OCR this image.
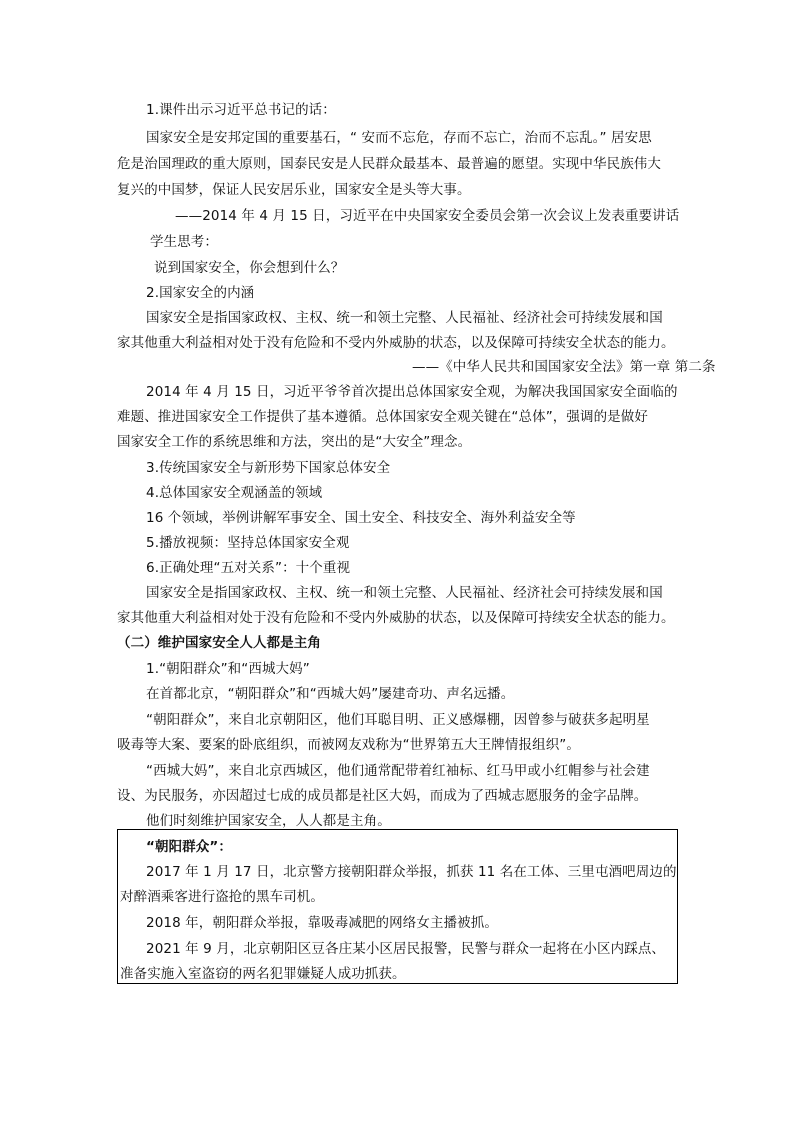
1.课件出示习近平总书记的话：
国家安全是安邦定国的重要基石，“ 安而不忘危，存而不忘亡，治而不忘乱。” 居安思
危是治国理政的重大原则，国泰民安是人民群众最基本、最普遍的愿望。实现中华民族伟大
复兴的中国梦，保证人民安居乐业，国家安全是头等大事。
——2014 年 4 月 15 日，习近平在中央国家安全委员会第一次会议上发表重要讲话
学生思考：
说到国家安全，你会想到什么？
2.国家安全的内涵
国家安全是指国家政权、主权、统一和领土完整、人民福祉、经济社会可持续发展和国
家其他重大利益相对处于没有危险和不受内外威胁的状态，以及保障可持续安全状态的能力。
——《中华人民共和国国家安全法》第一章 第二条
2014 年 4 月 15 日，习近平爷爷首次提出总体国家安全观，为解决我国国家安全面临的
难题、推进国家安全工作提供了基本遵循。总体国家安全观关键在“总体”，强调的是做好
国家安全工作的系统思维和方法，突出的是“大安全”理念。
3.传统国家安全与新形势下国家总体安全
4.总体国家安全观涵盖的领域
16 个领域，举例讲解军事安全、国土安全、科技安全、海外利益安全等
5.播放视频：坚持总体国家安全观
6.正确处理“五对关系”：十个重视
国家安全是指国家政权、主权、统一和领土完整、人民福祉、经济社会可持续发展和国
家其他重大利益相对处于没有危险和不受内外威胁的状态，以及保障可持续安全状态的能力。
（二）维护国家安全人人都是主角
1.“朝阳群众”和“西城大妈”
在首都北京，“朝阳群众”和“西城大妈”屡建奇功、声名远播。
“朝阳群众”，来自北京朝阳区，他们耳聪目明、正义感爆棚，因曾参与破获多起明星
吸毒等大案、要案的卧底组织，而被网友戏称为“世界第五大王牌情报组织”。
“西城大妈”，来自北京西城区，他们通常配带着红袖标、红马甲或小红帽参与社会建
设、为民服务，亦因超过七成的成员都是社区大妈，而成为了西城志愿服务的金字品牌。
他们时刻维护国家安全，人人都是主角。
“朝阳群众”：
2017 年 1 月 17 日，北京警方接朝阳群众举报，抓获 11 名在工体、三里屯酒吧周边的
对醉酒乘客进行盗抢的黑车司机。
2018 年，朝阳群众举报，靠吸毒减肥的网络女主播被抓。
2021 年 9 月，北京朝阳区豆各庄某小区居民报警，民警与群众一起将在小区内踩点、
准备实施入室盗窃的两名犯罪嫌疑人成功抓获。
